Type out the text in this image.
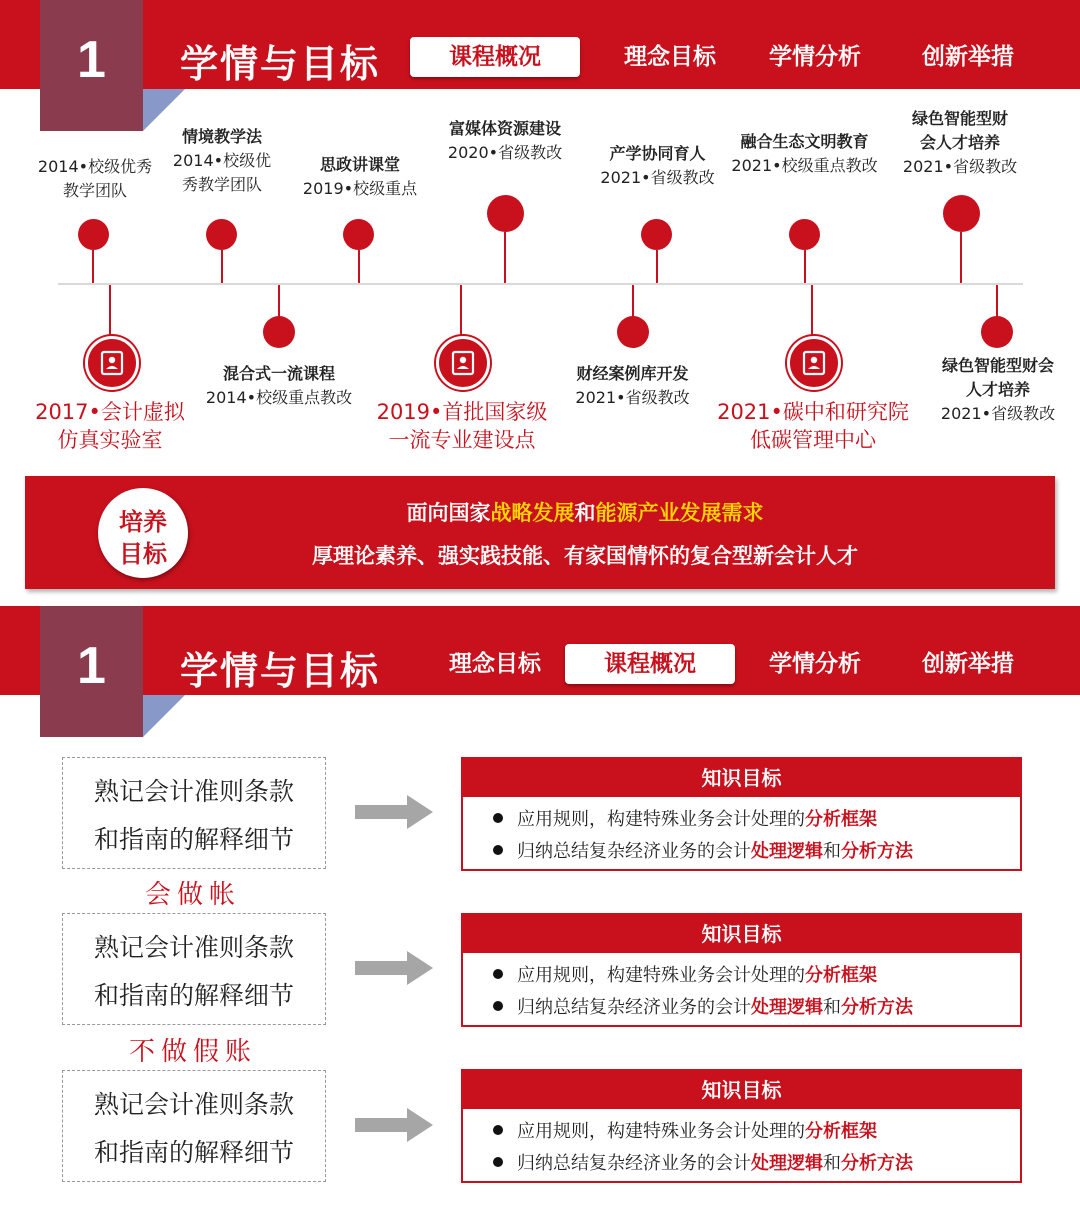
1	学情与目标	课程概况	理念目标	学情分析	创新举措
2014•校级优秀教学团队
情境教学法
2014•校级优秀教学团队
思政讲课堂
2019•校级重点
富媒体资源建设
2020•省级教改	产学协同育人
2021•省级教改
融合生态文明教育
2021•校级重点教改
绿色智能型财会人才培养
2021•省级教改
2017•会计虚拟仿真实验室
混合式一流课程
2014•校级重点教改
2019•首批国家级一流专业建设点
财经案例库开发
2021•省级教改
2021•碳中和研究院低碳管理中心
绿色智能型财会人才培养
2021•省级教改
培养
目标
面向国家战略发展和能源产业发展需求
厚理论素养、强实践技能、有家国情怀的复合型新会计人才
1	学情与目标	理念目标	课程概况	学情分析	创新举措
熟记会计准则条款
和指南的解释细节
知识目标
应用规则，构建特殊业务会计处理的分析框架
归纳总结复杂经济业务的会计处理逻辑和分析方法
会做帐
熟记会计准则条款
和指南的解释细节
知识目标
应用规则，构建特殊业务会计处理的分析框架
归纳总结复杂经济业务的会计处理逻辑和分析方法
不做假账
熟记会计准则条款
和指南的解释细节
知识目标
应用规则，构建特殊业务会计处理的分析框架
归纳总结复杂经济业务的会计处理逻辑和分析方法
